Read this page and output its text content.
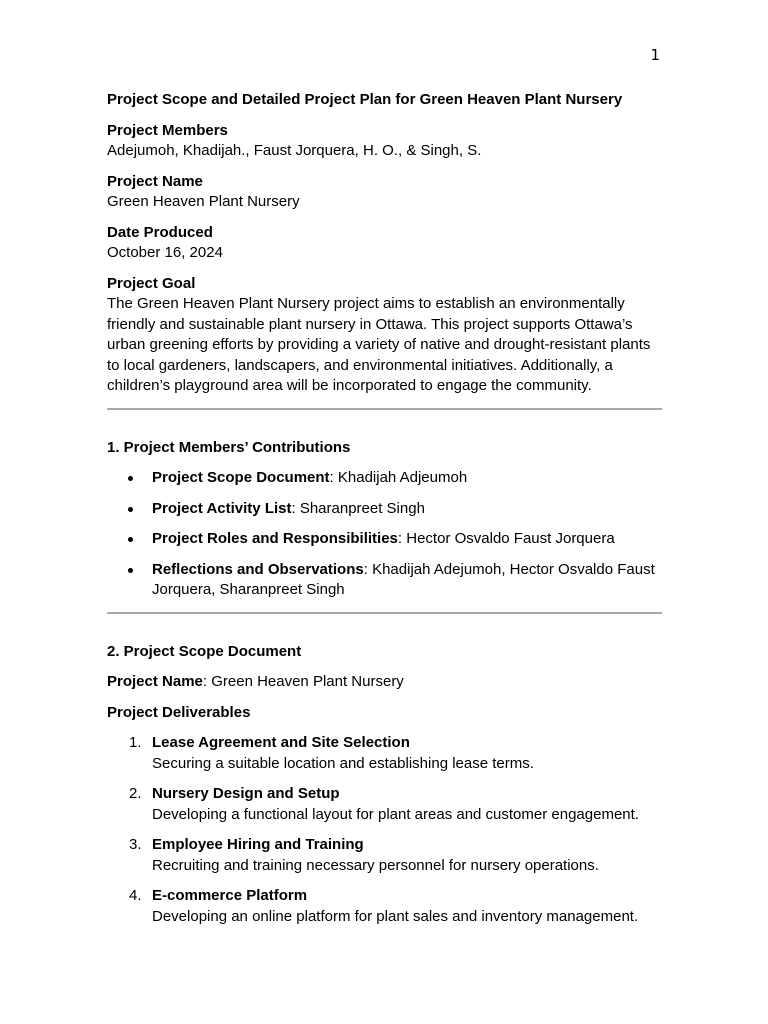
1
Project Scope and Detailed Project Plan for Green Heaven Plant Nursery
Project Members
Adejumoh, Khadijah., Faust Jorquera, H. O., & Singh, S.
Project Name
Green Heaven Plant Nursery
Date Produced
October 16, 2024
Project Goal
The Green Heaven Plant Nursery project aims to establish an environmentally friendly and sustainable plant nursery in Ottawa. This project supports Ottawa’s urban greening efforts by providing a variety of native and drought-resistant plants to local gardeners, landscapers, and environmental initiatives. Additionally, a children’s playground area will be incorporated to engage the community.
1. Project Members’ Contributions
Project Scope Document: Khadijah Adjeumoh
Project Activity List: Sharanpreet Singh
Project Roles and Responsibilities: Hector Osvaldo Faust Jorquera
Reflections and Observations: Khadijah Adejumoh, Hector Osvaldo Faust Jorquera, Sharanpreet Singh
2. Project Scope Document
Project Name: Green Heaven Plant Nursery
Project Deliverables
1. Lease Agreement and Site Selection
Securing a suitable location and establishing lease terms.
2. Nursery Design and Setup
Developing a functional layout for plant areas and customer engagement.
3. Employee Hiring and Training
Recruiting and training necessary personnel for nursery operations.
4. E-commerce Platform
Developing an online platform for plant sales and inventory management.
